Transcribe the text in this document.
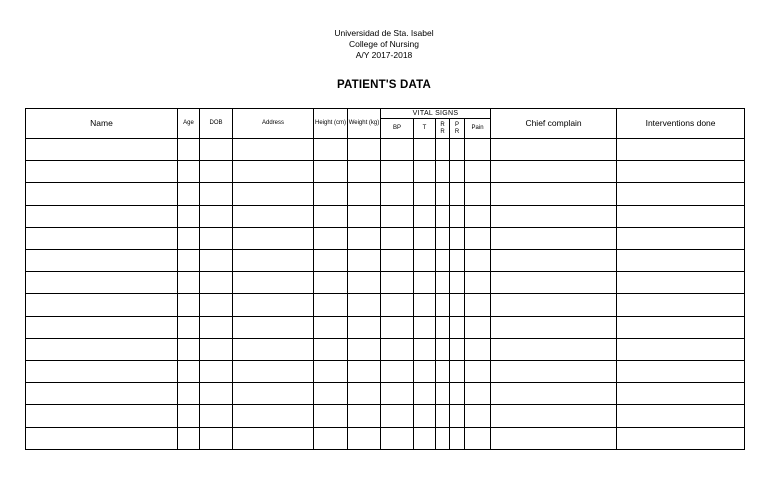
Universidad de Sta. Isabel
College of Nursing
A/Y 2017-2018
PATIENT'S DATA
Name	Age	DOB	Address	Height (cm)	Weight (kg)	VITAL SIGNS					Chief complain	Interventions done
						BP	T	R R	P R	Pain		
